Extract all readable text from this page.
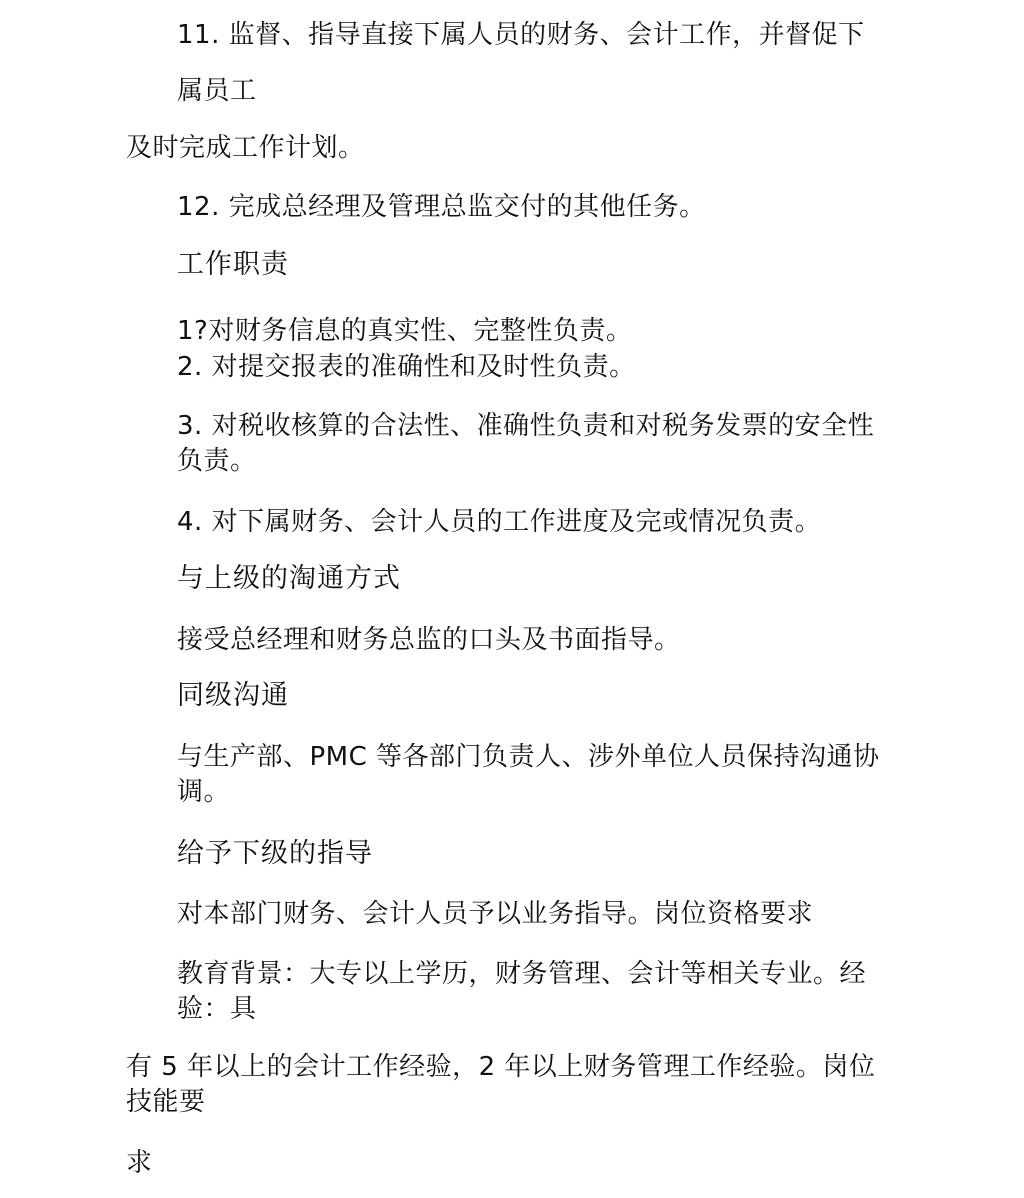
11. 监督、指导直接下属人员的财务、会计工作，并督促下
属员工
及时完成工作计划。
12. 完成总经理及管理总监交付的其他任务。
工作职责
1?对财务信息的真实性、完整性负责。
2. 对提交报表的准确性和及时性负责。
3. 对税收核算的合法性、准确性负责和对税务发票的安全性
负责。
4. 对下属财务、会计人员的工作进度及完或情况负责。
与上级的淘通方式
接受总经理和财务总监的口头及书面指导。
同级沟通
与生产部、PMC 等各部门负责人、涉外单位人员保持沟通协
调。
给予下级的指导
对本部门财务、会计人员予以业务指导。岗位资格要求
教育背景：大专以上学历，财务管理、会计等相关专业。经
验：具
有 5 年以上的会计工作经验，2 年以上财务管理工作经验。岗位
技能要
求
